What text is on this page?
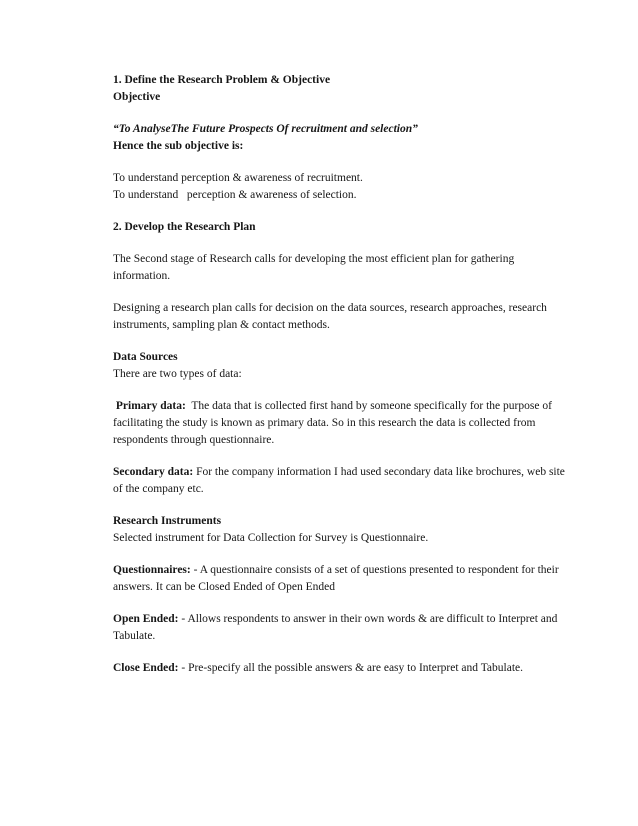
1. Define the Research Problem & Objective
Objective

“To AnalyseThe Future Prospects Of recruitment and selection”
Hence the sub objective is:

To understand perception & awareness of recruitment.
To understand   perception & awareness of selection.

2. Develop the Research Plan

The Second stage of Research calls for developing the most efficient plan for gathering information.

Designing a research plan calls for decision on the data sources, research approaches, research instruments, sampling plan & contact methods.

Data Sources
There are two types of data:

Primary data:  The data that is collected first hand by someone specifically for the purpose of facilitating the study is known as primary data. So in this research the data is collected from respondents through questionnaire.

Secondary data: For the company information I had used secondary data like brochures, web site of the company etc.

Research Instruments
Selected instrument for Data Collection for Survey is Questionnaire.

Questionnaires: - A questionnaire consists of a set of questions presented to respondent for their answers. It can be Closed Ended of Open Ended

Open Ended: - Allows respondents to answer in their own words & are difficult to Interpret and Tabulate.

Close Ended: - Pre-specify all the possible answers & are easy to Interpret and Tabulate.
